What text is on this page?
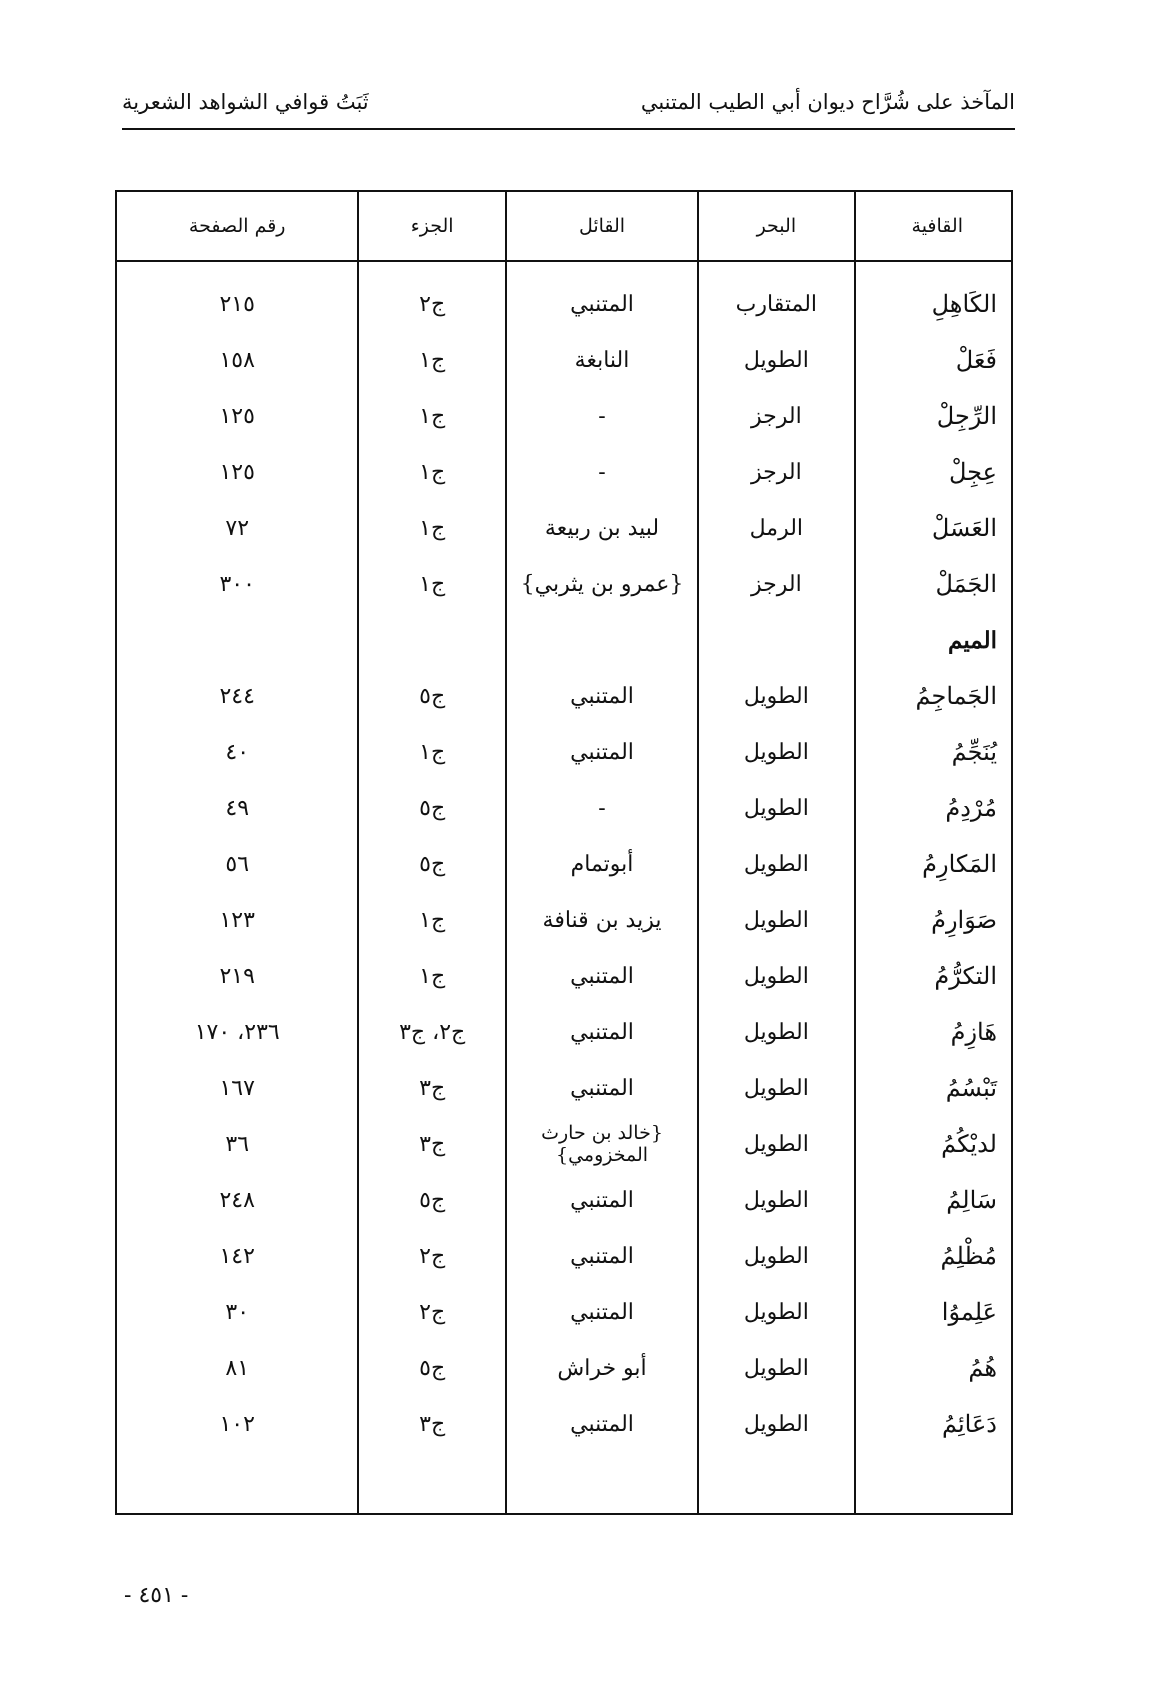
المآخذ على شُرَّاح ديوان أبي الطيب المتنبي
ثَبَتُ قوافي الشواهد الشعرية
القافية	البحر	القائل	الجزء	رقم الصفحة

الكَاهِلِ	المتقارب	المتنبي	ج٢	٢١٥
فَعَلْ	الطويل	النابغة	ج١	١٥٨
الرِّجِلْ	الرجز	-	ج١	١٢٥
عِجِلْ	الرجز	-	ج١	١٢٥
العَسَلْ	الرمل	لبيد بن ربيعة	ج١	٧٢
الجَمَلْ	الرجز	{عمرو بن يثربي}	ج١	٣٠٠
الميم				
الجَماجِمُ	الطويل	المتنبي	ج٥	٢٤٤
يُنَجِّمُ	الطويل	المتنبي	ج١	٤٠
مُرْدِمُ	الطويل	-	ج٥	٤٩
المَكارِمُ	الطويل	أبوتمام	ج٥	٥٦
صَوَارِمُ	الطويل	يزيد بن قنافة	ج١	١٢٣
التكرُّمُ	الطويل	المتنبي	ج١	٢١٩
هَازِمُ	الطويل	المتنبي	ج٢، ج٣	٢٣٦، ١٧٠
تَبْسُمُ	الطويل	المتنبي	ج٣	١٦٧
لديْكُمُ	الطويل	{خالد بن حارث المخزومي}	ج٣	٣٦
سَالِمُ	الطويل	المتنبي	ج٥	٢٤٨
مُظْلِمُ	الطويل	المتنبي	ج٢	١٤٢
عَلِموُا	الطويل	المتنبي	ج٢	٣٠
هُمُ	الطويل	أبو خراش	ج٥	٨١
دَعَائِمُ	الطويل	المتنبي	ج٣	١٠٢

- ٤٥١ -
